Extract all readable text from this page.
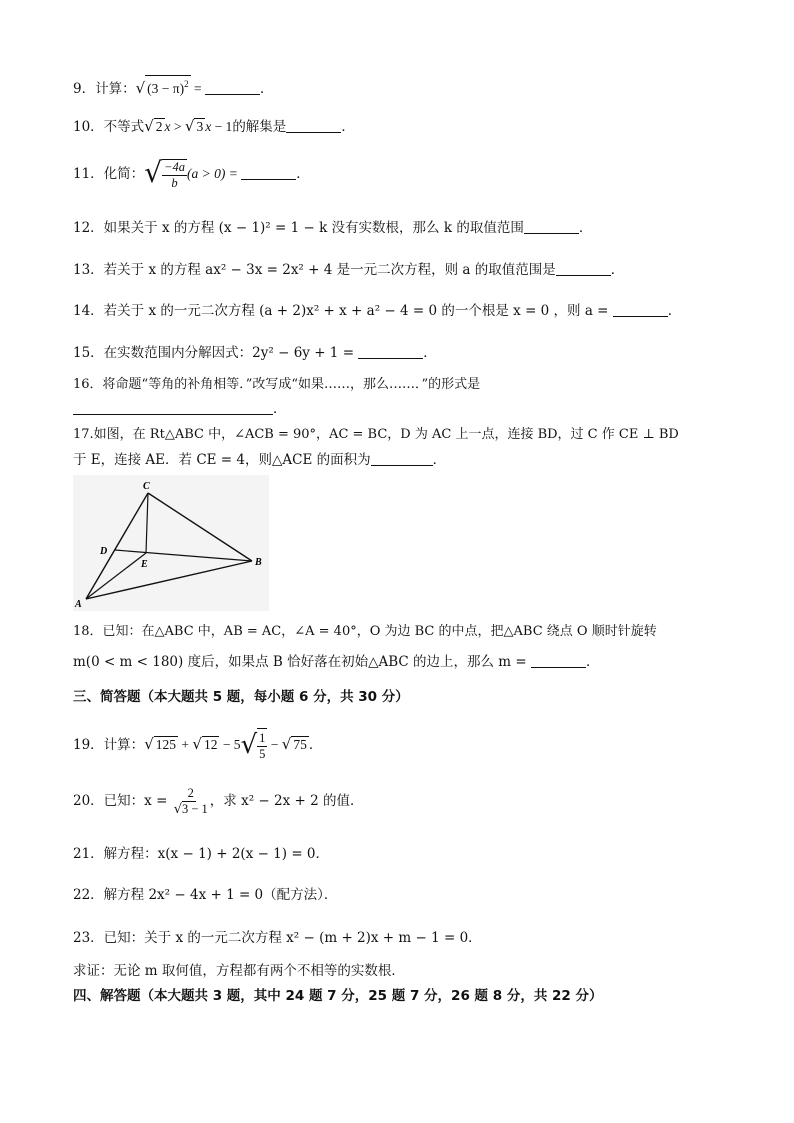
9．计算：√ $(3 - \pi)^2$ =	．
10．不等式√ 2 x > √ 3 x − 1的解集是	．
11．化简：√ $\frac{-4a}{b} (a > 0)$ =	．
12．如果关于 x 的方程 (x − 1)² = 1 − k 没有实数根，那么 k 的取值范围	．
13．若关于 x 的方程 ax² − 3x = 2x² + 4 是一元二次方程，则 a 的取值范围是	．
14．若关于 x 的一元二次方程 (a + 2)x² + x + a² − 4 = 0 的一个根是 x = 0 ，则 a =	．
15．在实数范围内分解因式：2y² − 6y + 1 =	．
16．将命题“等角的补角相等．”改写成“如果……，那么……．”的形式是
．
17.如图，在 Rt△ABC 中，∠ACB = 90°，AC = BC，D 为 AC 上一点，连接 BD，过 C 作 CE ⊥ BD
于 E，连接 AE．若 CE = 4，则△ACE 的面积为	．
C
D
E	B
A
18．已知：在△ABC 中，AB = AC，∠A = 40°，O 为边 BC 的中点，把△ABC 绕点 O 顺时针旋转
m(0 < m < 180) 度后，如果点 B 恰好落在初始△ABC 的边上，那么 m =	．
三、简答题（本大题共 5 题，每小题 6 分，共 30 分）
19．计算：√ 125 + √ $12 - 5√ \frac{1}{5}$ − √ 75 ．
20．已知：$x = \frac{2}{√3 - 1}$ ，求 x² − 2x + 2 的值．
21．解方程：x(x − 1) + 2(x − 1) = 0．
22．解方程 2x² − 4x + 1 = 0（配方法）．
23．已知：关于 x 的一元二次方程 x² − (m + 2)x + m − 1 = 0．
求证：无论 m 取何值，方程都有两个不相等的实数根．
四、解答题（本大题共 3 题，其中 24 题 7 分，25 题 7 分，26 题 8 分，共 22 分）
